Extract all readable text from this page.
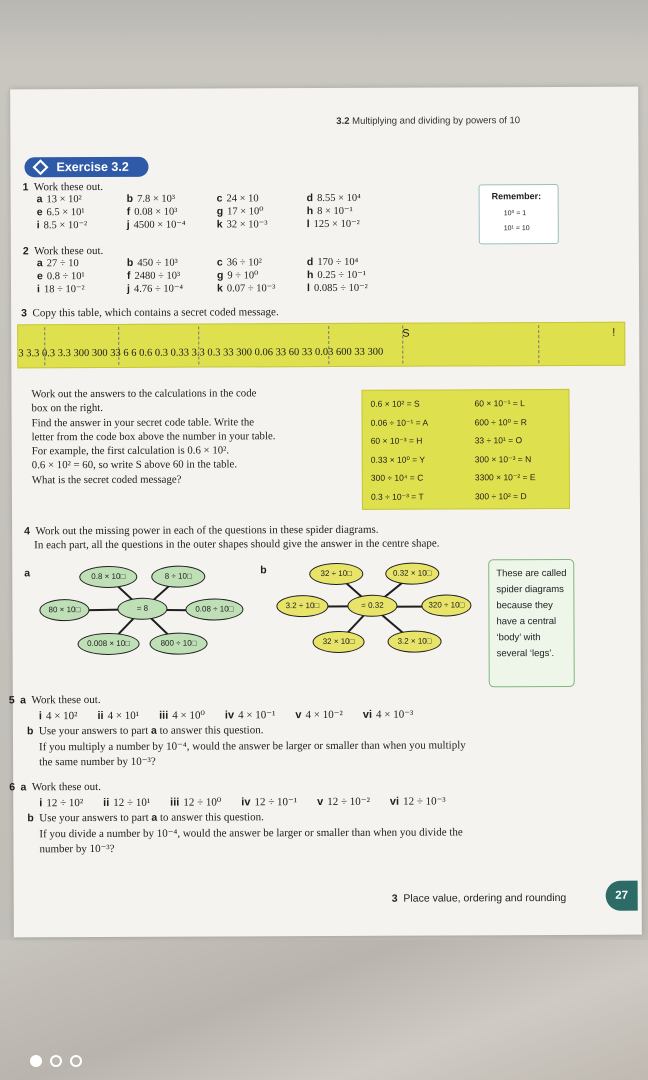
3.2 Multiplying and dividing by powers of 10
Exercise 3.2
1 Work these out.
a 13 × 10²	b 7.8 × 10³	c 24 × 10	d 8.55 × 10⁴
e 6.5 × 10¹	f 0.08 × 10³	g 17 × 10⁰	h 8 × 10⁻¹
i 8.5 × 10⁻²	j 4500 × 10⁻⁴	k 32 × 10⁻³	l 125 × 10⁻²
Remember:
10⁰ = 1
10¹ = 10
2 Work these out.
a 27 ÷ 10	b 450 ÷ 10³	c 36 ÷ 10²	d 170 ÷ 10⁴
e 0.8 ÷ 10¹	f 2480 ÷ 10³	g 9 ÷ 10⁰	h 0.25 ÷ 10⁻¹
i 18 ÷ 10⁻²	j 4.76 ÷ 10⁻⁴	k 0.07 ÷ 10⁻³	l 0.085 ÷ 10⁻²
3 Copy this table, which contains a secret coded message.
S	!
3 3.3 0.3 3.3 300 300 33 6 6 0.6 0.3 0.33 3.3 0.3 33 300 0.06 33 60 33 0.03 600 33 300
Work out the answers to the calculations in the code
box on the right.
Find the answer in your secret code table. Write the
letter from the code box above the number in your table.
For example, the first calculation is 0.6 × 10².
0.6 × 10² = 60, so write S above 60 in the table.
What is the secret coded message?
0.6 × 10² = S	60 × 10⁻¹ = L
0.06 ÷ 10⁻¹ = A	600 ÷ 10⁰ = R
60 × 10⁻³ = H	33 ÷ 10¹ = O
0.33 × 10⁰ = Y	300 × 10⁻³ = N
300 ÷ 10⁴ = C	3300 × 10⁻² = E
0.3 ÷ 10⁻³ = T	300 ÷ 10² = D
4 Work out the missing power in each of the questions in these spider diagrams.
In each part, all the questions in the outer shapes should give the answer in the centre shape.
a	b
0.8 × 10□	8 ÷ 10□
80 × 10□	0.08 ÷ 10□
0.008 × 10□	800 ÷ 10□
= 8
32 ÷ 10□	0.32 × 10□
3.2 ÷ 10□	320 ÷ 10□
32 × 10□	3.2 × 10□
= 0.32
These are called spider diagrams because they have a central ‘body’ with several ‘legs’.
5 a Work these out.
i 4 × 10² ii 4 × 10¹ iii 4 × 10⁰ iv 4 × 10⁻¹ v 4 × 10⁻² vi 4 × 10⁻³
b Use your answers to part a to answer this question.
If you multiply a number by 10⁻⁴, would the answer be larger or smaller than when you multiply
the same number by 10⁻³?
6 a Work these out.
i 12 ÷ 10² ii 12 ÷ 10¹ iii 12 ÷ 10⁰ iv 12 ÷ 10⁻¹ v 12 ÷ 10⁻² vi 12 ÷ 10⁻³
b Use your answers to part a to answer this question.
If you divide a number by 10⁻⁴, would the answer be larger or smaller than when you divide the
number by 10⁻³?
3 Place value, ordering and rounding	27
